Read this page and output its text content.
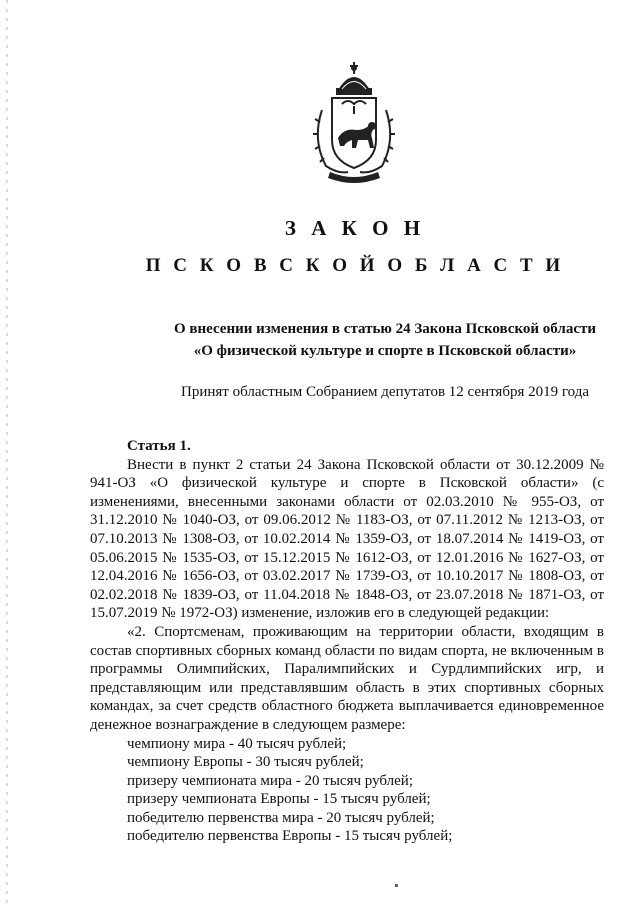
З А К О Н
П С К О В С К О Й О Б Л А С Т И
О внесении изменения в статью 24 Закона Псковской области
«О физической культуре и спорте в Псковской области»

Принят областным Собранием депутатов 12 сентября 2019 года

Статья 1.

Внести в пункт 2 статьи 24 Закона Псковской области от 30.12.2009 № 941-ОЗ «О физической культуре и спорте в Псковской области» (с изменениями, внесенными законами области от 02.03.2010 № 955-ОЗ, от 31.12.2010 № 1040-ОЗ, от 09.06.2012 № 1183-ОЗ, от 07.11.2012 № 1213-ОЗ, от 07.10.2013 № 1308-ОЗ, от 10.02.2014 № 1359-ОЗ, от 18.07.2014 № 1419-ОЗ, от 05.06.2015 № 1535-ОЗ, от 15.12.2015 № 1612-ОЗ, от 12.01.2016 № 1627-ОЗ, от 12.04.2016 № 1656-ОЗ, от 03.02.2017 № 1739-ОЗ, от 10.10.2017 № 1808-ОЗ, от 02.02.2018 № 1839-ОЗ, от 11.04.2018 № 1848-ОЗ, от 23.07.2018 № 1871-ОЗ, от 15.07.2019 № 1972-ОЗ) изменение, изложив его в следующей редакции:

«2. Спортсменам, проживающим на территории области, входящим в состав спортивных сборных команд области по видам спорта, не включенным в программы Олимпийских, Паралимпийских и Сурдлимпийских игр, и представляющим или представлявшим область в этих спортивных сборных командах, за счет средств областного бюджета выплачивается единовременное денежное вознаграждение в следующем размере:

чемпиону мира - 40 тысяч рублей;

чемпиону Европы - 30 тысяч рублей;

призеру чемпионата мира - 20 тысяч рублей;

призеру чемпионата Европы - 15 тысяч рублей;

победителю первенства мира - 20 тысяч рублей;

победителю первенства Европы - 15 тысяч рублей;
